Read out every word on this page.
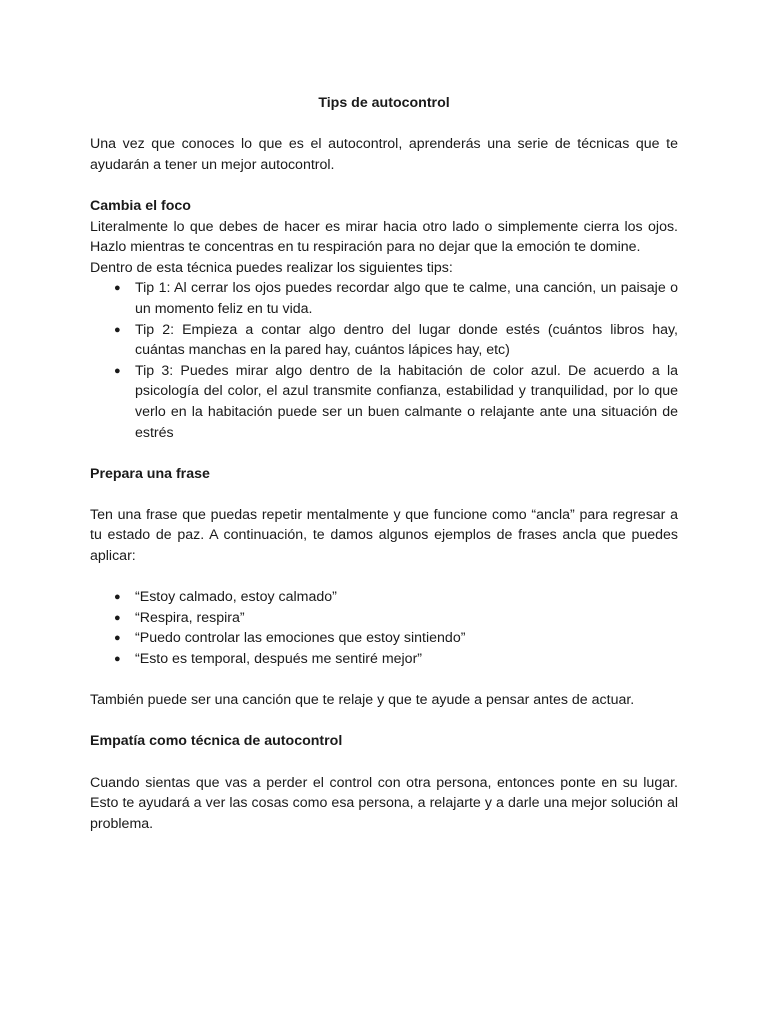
Tips de autocontrol

Una vez que conoces lo que es el autocontrol, aprenderás una serie de técnicas que te ayudarán a tener un mejor autocontrol.

Cambia el foco

Literalmente lo que debes de hacer es mirar hacia otro lado o simplemente cierra los ojos. Hazlo mientras te concentras en tu respiración para no dejar que la emoción te domine.

Dentro de esta técnica puedes realizar los siguientes tips:

● Tip 1: Al cerrar los ojos puedes recordar algo que te calme, una canción, un paisaje o un momento feliz en tu vida.
● Tip 2: Empieza a contar algo dentro del lugar donde estés (cuántos libros hay, cuántas manchas en la pared hay, cuántos lápices hay, etc)
● Tip 3: Puedes mirar algo dentro de la habitación de color azul. De acuerdo a la psicología del color, el azul transmite confianza, estabilidad y tranquilidad, por lo que verlo en la habitación puede ser un buen calmante o relajante ante una situación de estrés
Prepara una frase

Ten una frase que puedas repetir mentalmente y que funcione como “ancla” para regresar a tu estado de paz. A continuación, te damos algunos ejemplos de frases ancla que puedes aplicar:

● “Estoy calmado, estoy calmado”
● “Respira, respira”
● “Puedo controlar las emociones que estoy sintiendo”
● “Esto es temporal, después me sentiré mejor”

También puede ser una canción que te relaje y que te ayude a pensar antes de actuar.

Empatía como técnica de autocontrol

Cuando sientas que vas a perder el control con otra persona, entonces ponte en su lugar. Esto te ayudará a ver las cosas como esa persona, a relajarte y a darle una mejor solución al problema.
